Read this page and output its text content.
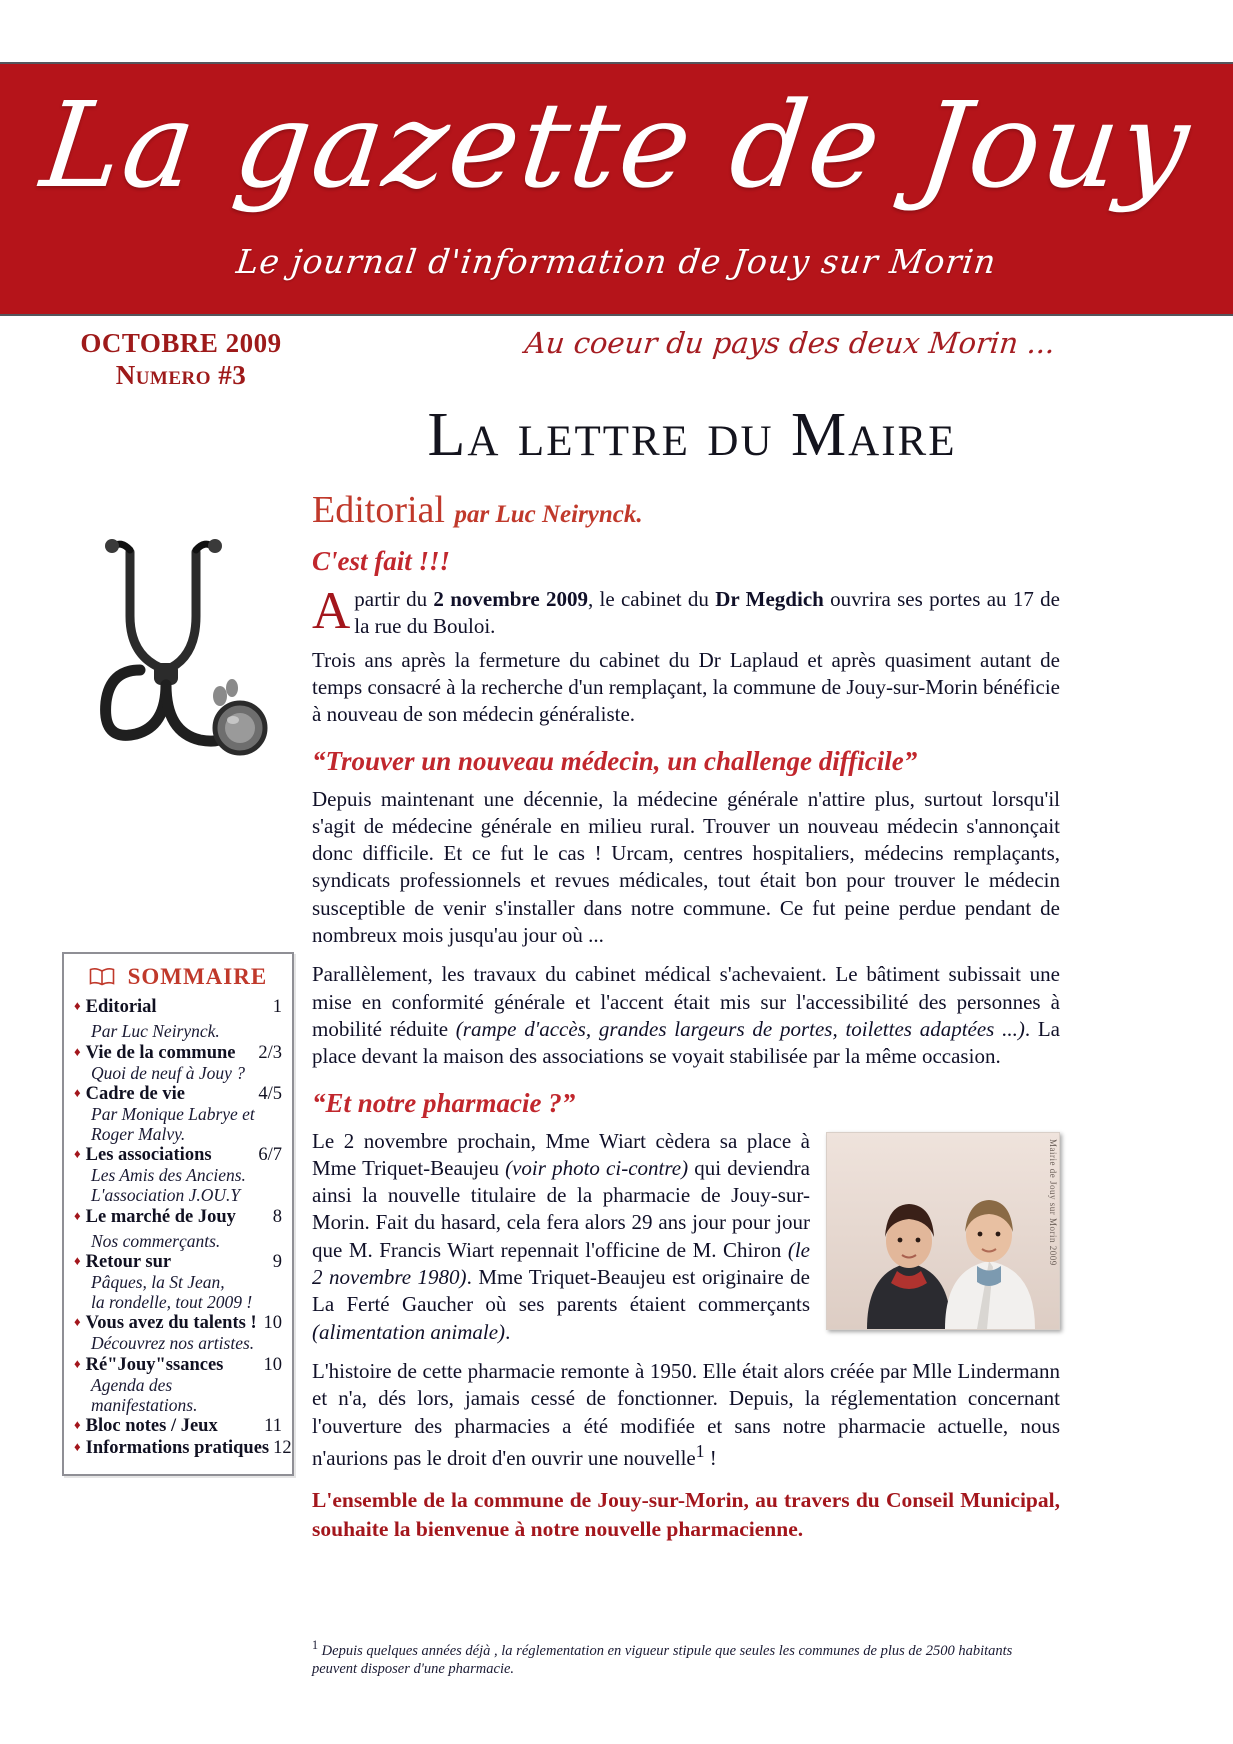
La gazette de Jouy
Le journal d'information de Jouy sur Morin
OCTOBRE 2009
Numero #3
Au coeur du pays des deux Morin ...
La lettre du Maire
SOMMAIRE
♦ Editorial	1
Par Luc Neirynck.
♦ Vie de la commune	2/3
Quoi de neuf à Jouy ?
♦ Cadre de vie	4/5
Par Monique Labrye et
Roger Malvy.
♦ Les associations	6/7
Les Amis des Anciens.
L'association J.OU.Y
♦ Le marché de Jouy	8
Nos commerçants.
♦ Retour sur	9
Pâques, la St Jean,
la rondelle, tout 2009 !
♦ Vous avez du talents ! 10
Découvrez nos artistes.
♦ Ré"Jouy"ssances	10
Agenda des manifestations.
♦ Bloc notes / Jeux	11
♦ Informations pratiques 12
Editorial par Luc Neirynck.
C'est fait !!!

Apartir du 2 novembre 2009, le cabinet du Dr Megdich ouvrira ses portes au 17 de la rue du Bouloi.

Trois ans après la fermeture du cabinet du Dr Laplaud et après quasiment autant de temps consacré à la recherche d'un remplaçant, la commune de Jouy-sur-Morin bénéficie à nouveau de son médecin généraliste.

“Trouver un nouveau médecin, un challenge difficile”

Depuis maintenant une décennie, la médecine générale n'attire plus, surtout lorsqu'il s'agit de médecine générale en milieu rural. Trouver un nouveau médecin s'annonçait donc difficile. Et ce fut le cas ! Urcam, centres hospitaliers, médecins remplaçants, syndicats professionnels et revues médicales, tout était bon pour trouver le médecin susceptible de venir s'installer dans notre commune. Ce fut peine perdue pendant de nombreux mois jusqu'au jour où ...

Parallèlement, les travaux du cabinet médical s'achevaient. Le bâtiment subissait une mise en conformité générale et l'accent était mis sur l'accessibilité des personnes à mobilité réduite (rampe d'accès, grandes largeurs de portes, toilettes adaptées ...). La place devant la maison des associations se voyait stabilisée par la même occasion.

“Et notre pharmacie ?”

Mairie de Jouy sur Morin 2009
Le 2 novembre prochain, Mme Wiart cèdera sa place à Mme Triquet-Beaujeu (voir photo ci-contre) qui deviendra ainsi la nouvelle titulaire de la pharmacie de Jouy-sur-Morin. Fait du hasard, cela fera alors 29 ans jour pour jour que M. Francis Wiart repennait l'officine de M. Chiron (le 2 novembre 1980). Mme Triquet-Beaujeu est originaire de La Ferté Gaucher où ses parents étaient commerçants (alimentation animale).

L'histoire de cette pharmacie remonte à 1950. Elle était alors créée par Mlle Lindermann et n'a, dés lors, jamais cessé de fonctionner. Depuis, la réglementation concernant l'ouverture des pharmacies a été modifiée et sans notre pharmacie actuelle, nous n'aurions pas le droit d'en ouvrir une nouvelle$^1$ !

L'ensemble de la commune de Jouy-sur-Morin, au travers du Conseil Municipal, souhaite la bienvenue à notre nouvelle pharmacienne.

$^1$ Depuis quelques années déjà , la réglementation en vigueur stipule que seules les communes de plus de 2500 habitants peuvent disposer d'une pharmacie.
